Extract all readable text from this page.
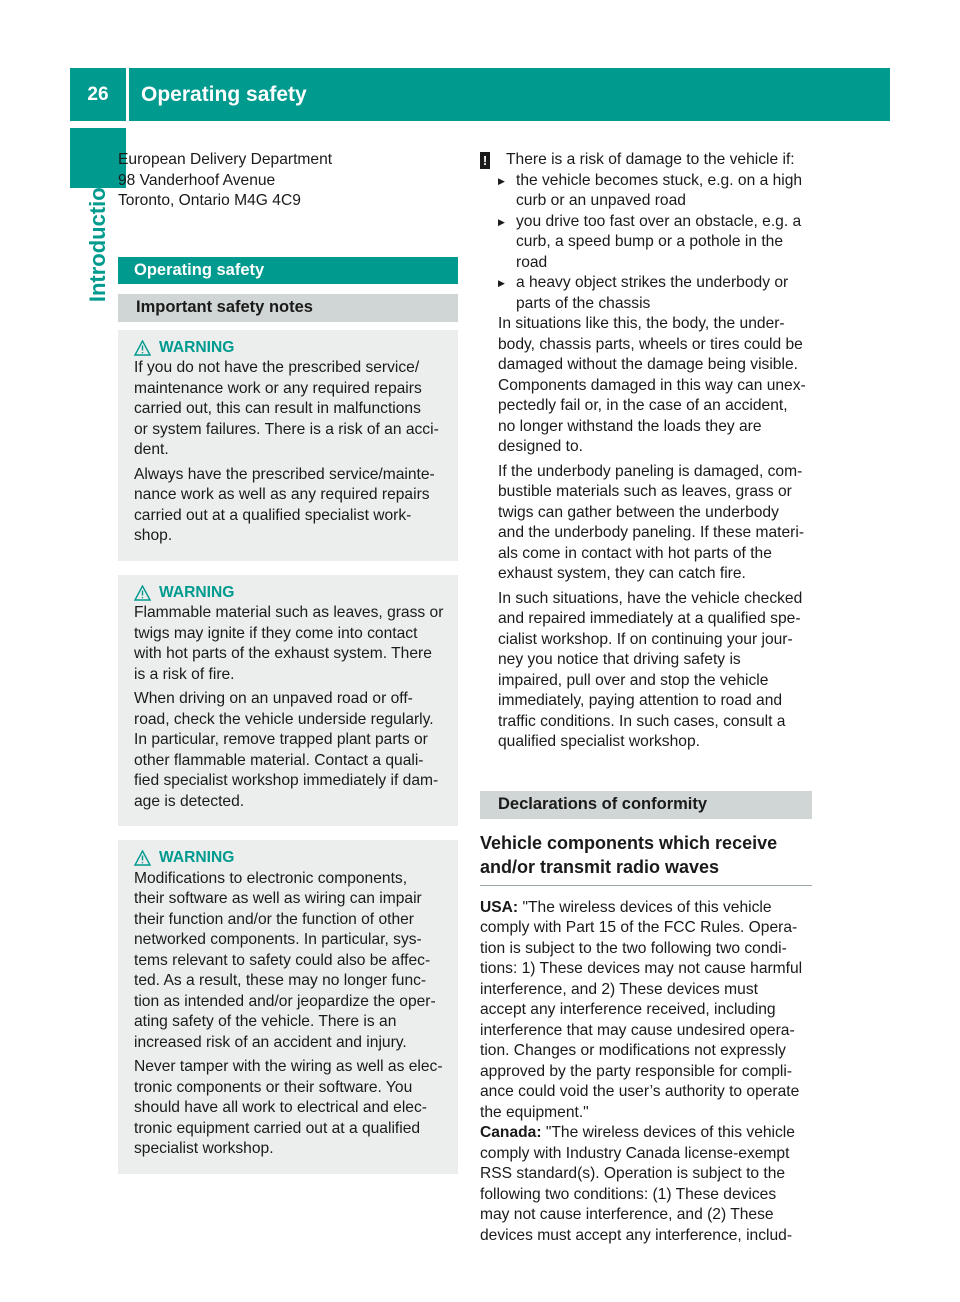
26	Operating safety
Introduction

European Delivery Department

98 Vanderhoof Avenue

Toronto, Ontario M4G 4C9

Operating safety
Important safety notes
WARNING
If you do not have the prescribed service/
maintenance work or any required repairs
carried out, this can result in malfunctions
or system failures. There is a risk of an acci-
dent.
Always have the prescribed service/mainte-
nance work as well as any required repairs
carried out at a qualified specialist work-
shop.
WARNING
Flammable material such as leaves, grass or
twigs may ignite if they come into contact
with hot parts of the exhaust system. There
is a risk of fire.
When driving on an unpaved road or off-
road, check the vehicle underside regularly.
In particular, remove trapped plant parts or
other flammable material. Contact a quali-
fied specialist workshop immediately if dam-
age is detected.
WARNING
Modifications to electronic components,
their software as well as wiring can impair
their function and/or the function of other
networked components. In particular, sys-
tems relevant to safety could also be affec-
ted. As a result, these may no longer func-
tion as intended and/or jeopardize the oper-
ating safety of the vehicle. There is an
increased risk of an accident and injury.
Never tamper with the wiring as well as elec-
tronic components or their software. You
should have all work to electrical and elec-
tronic equipment carried out at a qualified
specialist workshop.
! There is a risk of damage to the vehicle if:
▶ the vehicle becomes stuck, e.g. on a high
curb or an unpaved road
▶ you drive too fast over an obstacle, e.g. a
curb, a speed bump or a pothole in the
road
▶ a heavy object strikes the underbody or
parts of the chassis
In situations like this, the body, the under-
body, chassis parts, wheels or tires could be
damaged without the damage being visible.
Components damaged in this way can unex-
pectedly fail or, in the case of an accident,
no longer withstand the loads they are
designed to.
If the underbody paneling is damaged, com-
bustible materials such as leaves, grass or
twigs can gather between the underbody
and the underbody paneling. If these materi-
als come in contact with hot parts of the
exhaust system, they can catch fire.
In such situations, have the vehicle checked
and repaired immediately at a qualified spe-
cialist workshop. If on continuing your jour-
ney you notice that driving safety is
impaired, pull over and stop the vehicle
immediately, paying attention to road and
traffic conditions. In such cases, consult a
qualified specialist workshop.
Declarations of conformity
Vehicle components which receive
and/or transmit radio waves
USA: "The wireless devices of this vehicle
comply with Part 15 of the FCC Rules. Opera-
tion is subject to the two following two condi-
tions: 1) These devices may not cause harmful
interference, and 2) These devices must
accept any interference received, including
interference that may cause undesired opera-
tion. Changes or modifications not expressly
approved by the party responsible for compli-
ance could void the user’s authority to operate
the equipment."
Canada: "The wireless devices of this vehicle
comply with Industry Canada license-exempt
RSS standard(s). Operation is subject to the
following two conditions: (1) These devices
may not cause interference, and (2) These
devices must accept any interference, includ-
